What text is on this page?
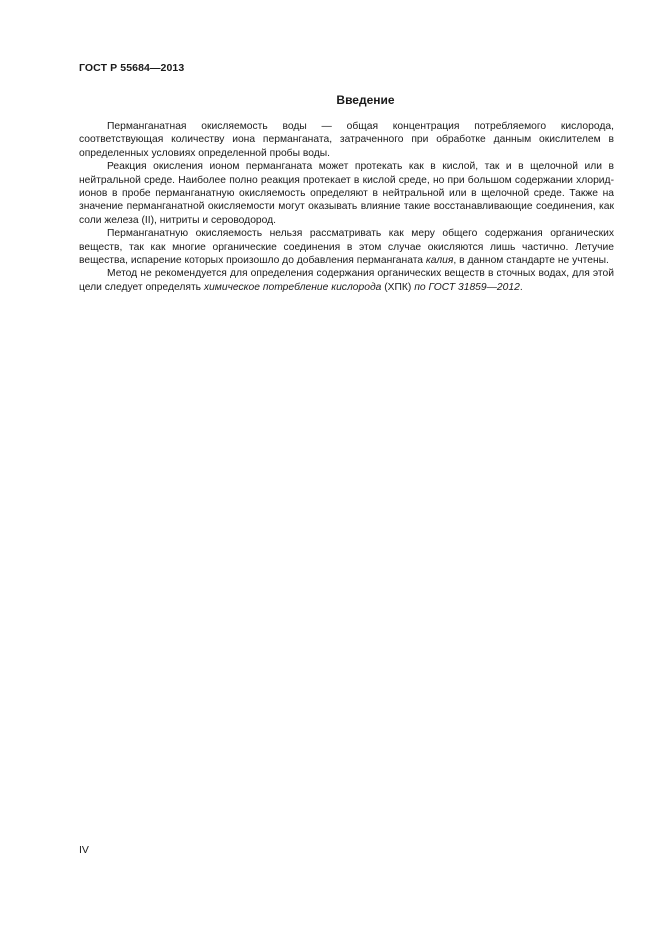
ГОСТ Р 55684—2013
Введение

Перманганатная окисляемость воды — общая концентрация потребляемого кислорода, соответствующая количеству иона перманганата, затраченного при обработке данным окислителем в определенных условиях определенной пробы воды.

Реакция окисления ионом перманганата может протекать как в кислой, так и в щелочной или в нейтральной среде. Наиболее полно реакция протекает в кислой среде, но при большом содержании хлорид-ионов в пробе перманганатную окисляемость определяют в нейтральной или в щелочной среде. Также на значение перманганатной окисляемости могут оказывать влияние такие восстанавливающие соединения, как соли железа (II), нитриты и сероводород.

Перманганатную окисляемость нельзя рассматривать как меру общего содержания органических веществ, так как многие органические соединения в этом случае окисляются лишь частично. Летучие вещества, испарение которых произошло до добавления перманганата калия, в данном стандарте не учтены.

Метод не рекомендуется для определения содержания органических веществ в сточных водах, для этой цели следует определять химическое потребление кислорода (ХПК) по ГОСТ 31859—2012.

IV
